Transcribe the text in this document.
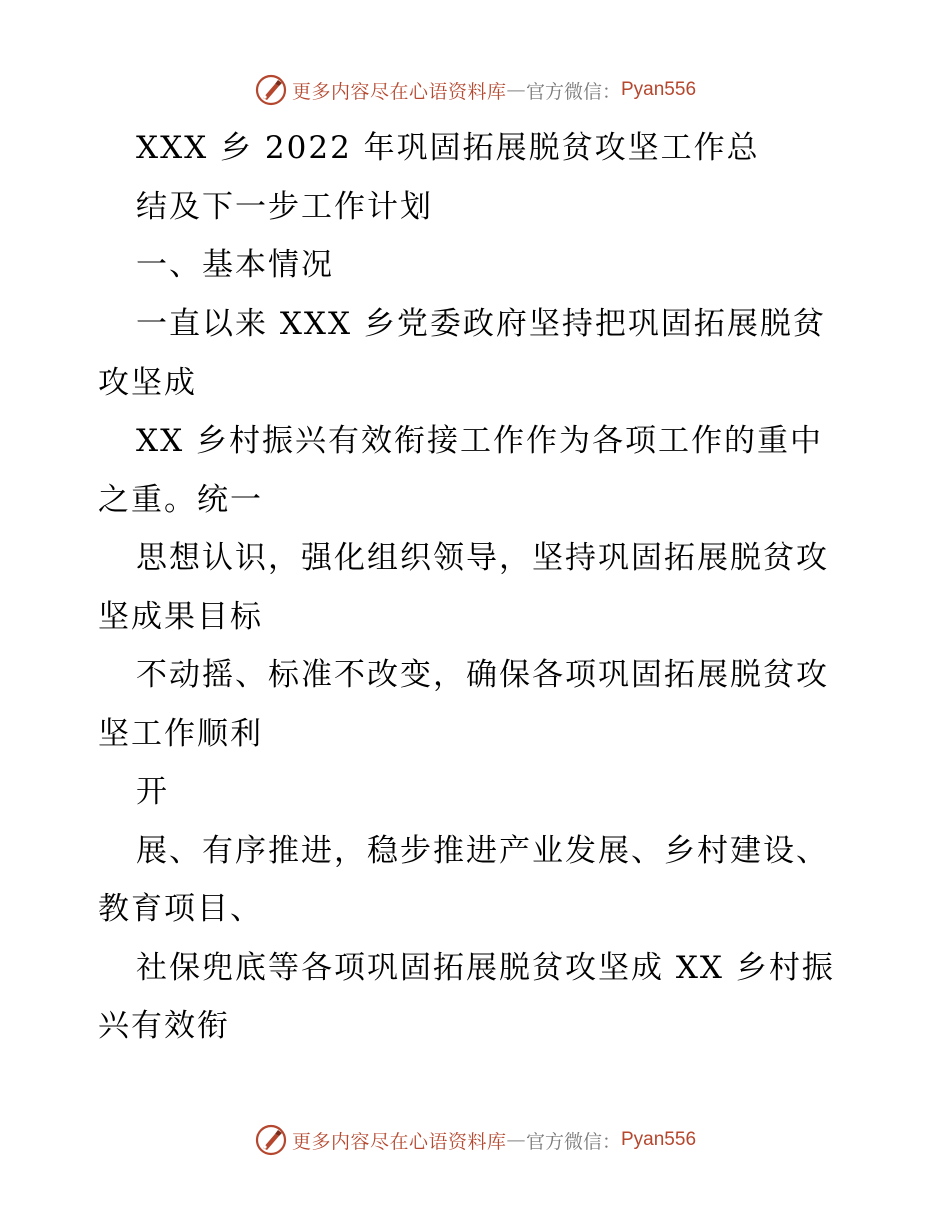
更多内容尽在心语资料库 — 官方微信： Pyan556
XXX 乡 2022 年巩固拓展脱贫攻坚工作总
结及下一步工作计划
一、基本情况
一直以来 XXX 乡党委政府坚持把巩固拓展脱贫
攻坚成
XX 乡村振兴有效衔接工作作为各项工作的重中
之重。统一
思想认识，强化组织领导，坚持巩固拓展脱贫攻
坚成果目标
不动摇、标准不改变，确保各项巩固拓展脱贫攻
坚工作顺利
开
展、有序推进，稳步推进产业发展、乡村建设、
教育项目、
社保兜底等各项巩固拓展脱贫攻坚成 XX 乡村振
兴有效衔
更多内容尽在心语资料库 — 官方微信： Pyan556
